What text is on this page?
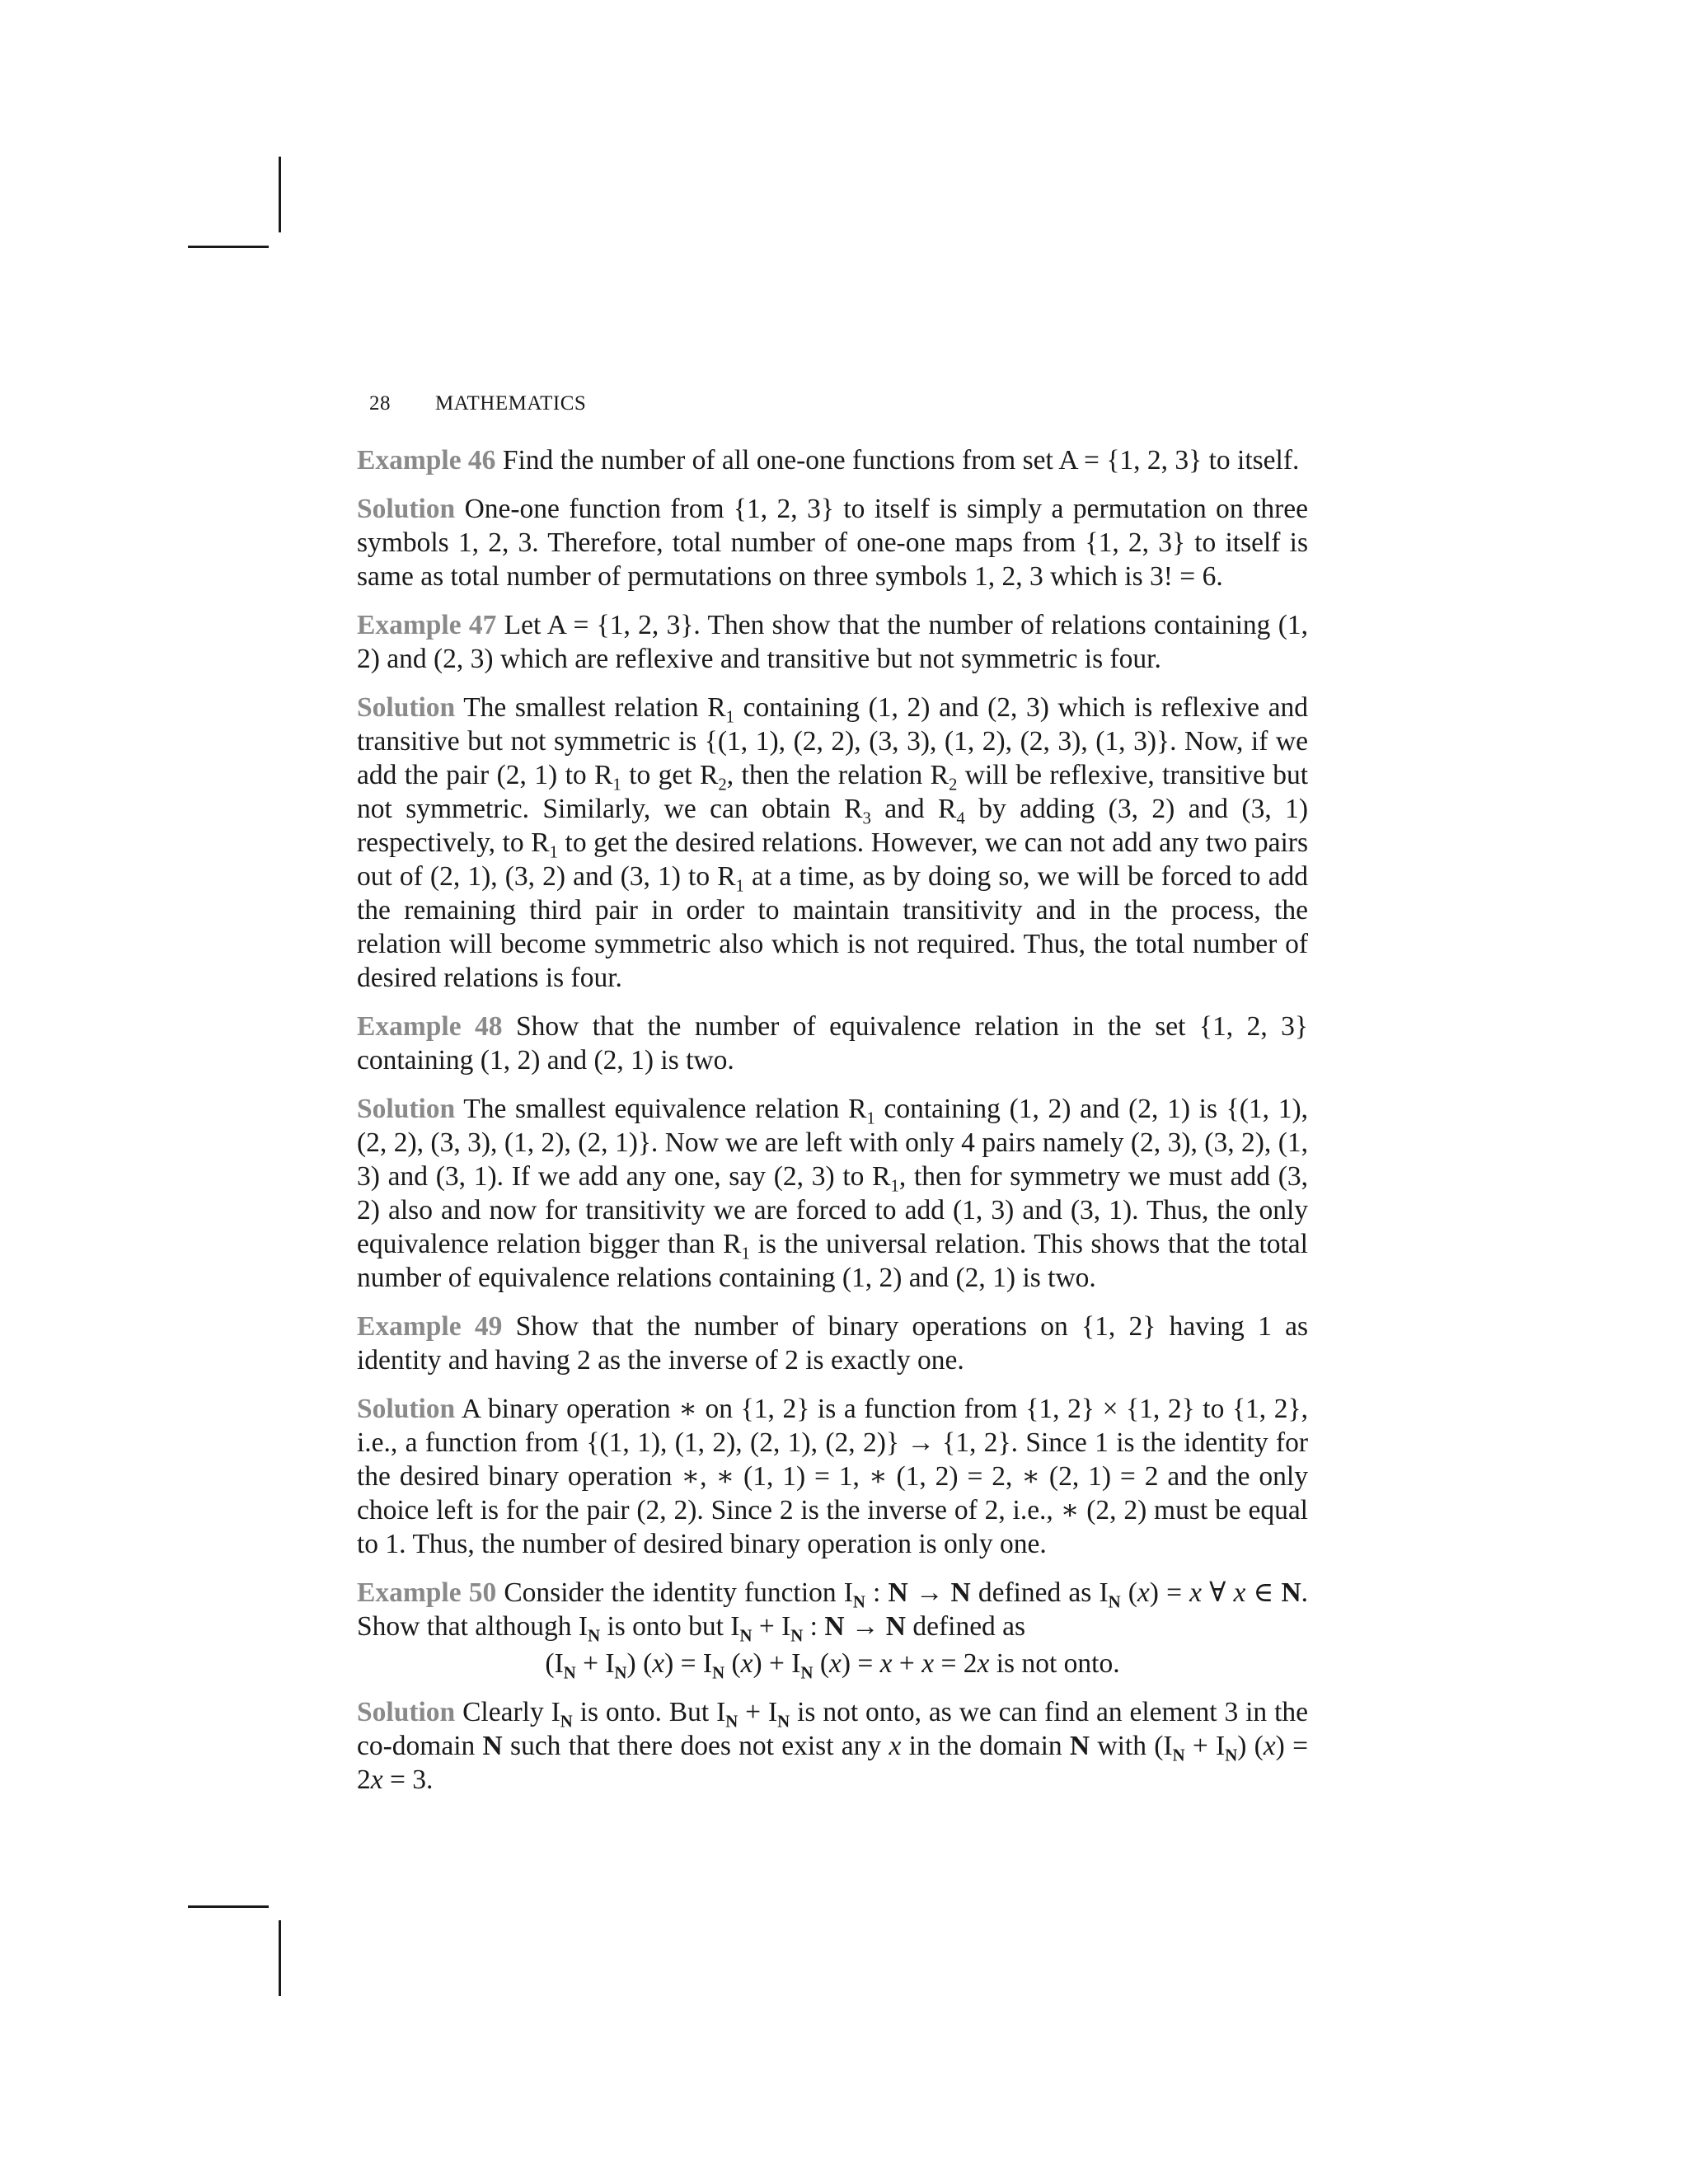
28 MATHEMATICS

Example 46 Find the number of all one-one functions from set A = {1, 2, 3} to itself.

Solution One-one function from {1, 2, 3} to itself is simply a permutation on three symbols 1, 2, 3. Therefore, total number of one-one maps from {1, 2, 3} to itself is same as total number of permutations on three symbols 1, 2, 3 which is 3! = 6.

Example 47 Let A = {1, 2, 3}. Then show that the number of relations containing (1, 2) and (2, 3) which are reflexive and transitive but not symmetric is four.

Solution The smallest relation $R_1$ containing (1, 2) and (2, 3) which is reflexive and transitive but not symmetric is {(1, 1), (2, 2), (3, 3), (1, 2), (2, 3), (1, 3)}. Now, if we add the pair (2, 1) to $R_1$ to get $R_2$, then the relation $R_2$ will be reflexive, transitive but not symmetric. Similarly, we can obtain $R_3$ and $R_4$ by adding (3, 2) and (3, 1) respectively, to $R_1$ to get the desired relations. However, we can not add any two pairs out of (2, 1), (3, 2) and (3, 1) to $R_1$ at a time, as by doing so, we will be forced to add the remaining third pair in order to maintain transitivity and in the process, the relation will become symmetric also which is not required. Thus, the total number of desired relations is four.

Example 48 Show that the number of equivalence relation in the set {1, 2, 3} containing (1, 2) and (2, 1) is two.

Solution The smallest equivalence relation $R_1$ containing (1, 2) and (2, 1) is {(1, 1), (2, 2), (3, 3), (1, 2), (2, 1)}. Now we are left with only 4 pairs namely (2, 3), (3, 2), (1, 3) and (3, 1). If we add any one, say (2, 3) to $R_1$, then for symmetry we must add (3, 2) also and now for transitivity we are forced to add (1, 3) and (3, 1). Thus, the only equivalence relation bigger than $R_1$ is the universal relation. This shows that the total number of equivalence relations containing (1, 2) and (2, 1) is two.

Example 49 Show that the number of binary operations on {1, 2} having 1 as identity and having 2 as the inverse of 2 is exactly one.

Solution A binary operation ∗ on {1, 2} is a function from {1, 2} × {1, 2} to {1, 2}, i.e., a function from {(1, 1), (1, 2), (2, 1), (2, 2)} → {1, 2}. Since 1 is the identity for the desired binary operation ∗, ∗ (1, 1) = 1, ∗ (1, 2) = 2, ∗ (2, 1) = 2 and the only choice left is for the pair (2, 2). Since 2 is the inverse of 2, i.e., ∗ (2, 2) must be equal to 1. Thus, the number of desired binary operation is only one.

Example 50 Consider the identity function $I_N$ : N → N defined as $I_N$ (x) = x ∀ x ∈ N. Show that although $I_N$ is onto but $I_N + I_N$ : N → N defined as

$(I_N + I_N) (x) = I_N$ $(x) + I_N$ (x) = x + x = 2x is not onto.

Solution Clearly $I_N$ is onto. But $I_N + I_N$ is not onto, as we can find an element 3 in the co-domain N such that there does not exist any x in the domain N with $(I_N + I_N) (x) = 2x = 3$.
